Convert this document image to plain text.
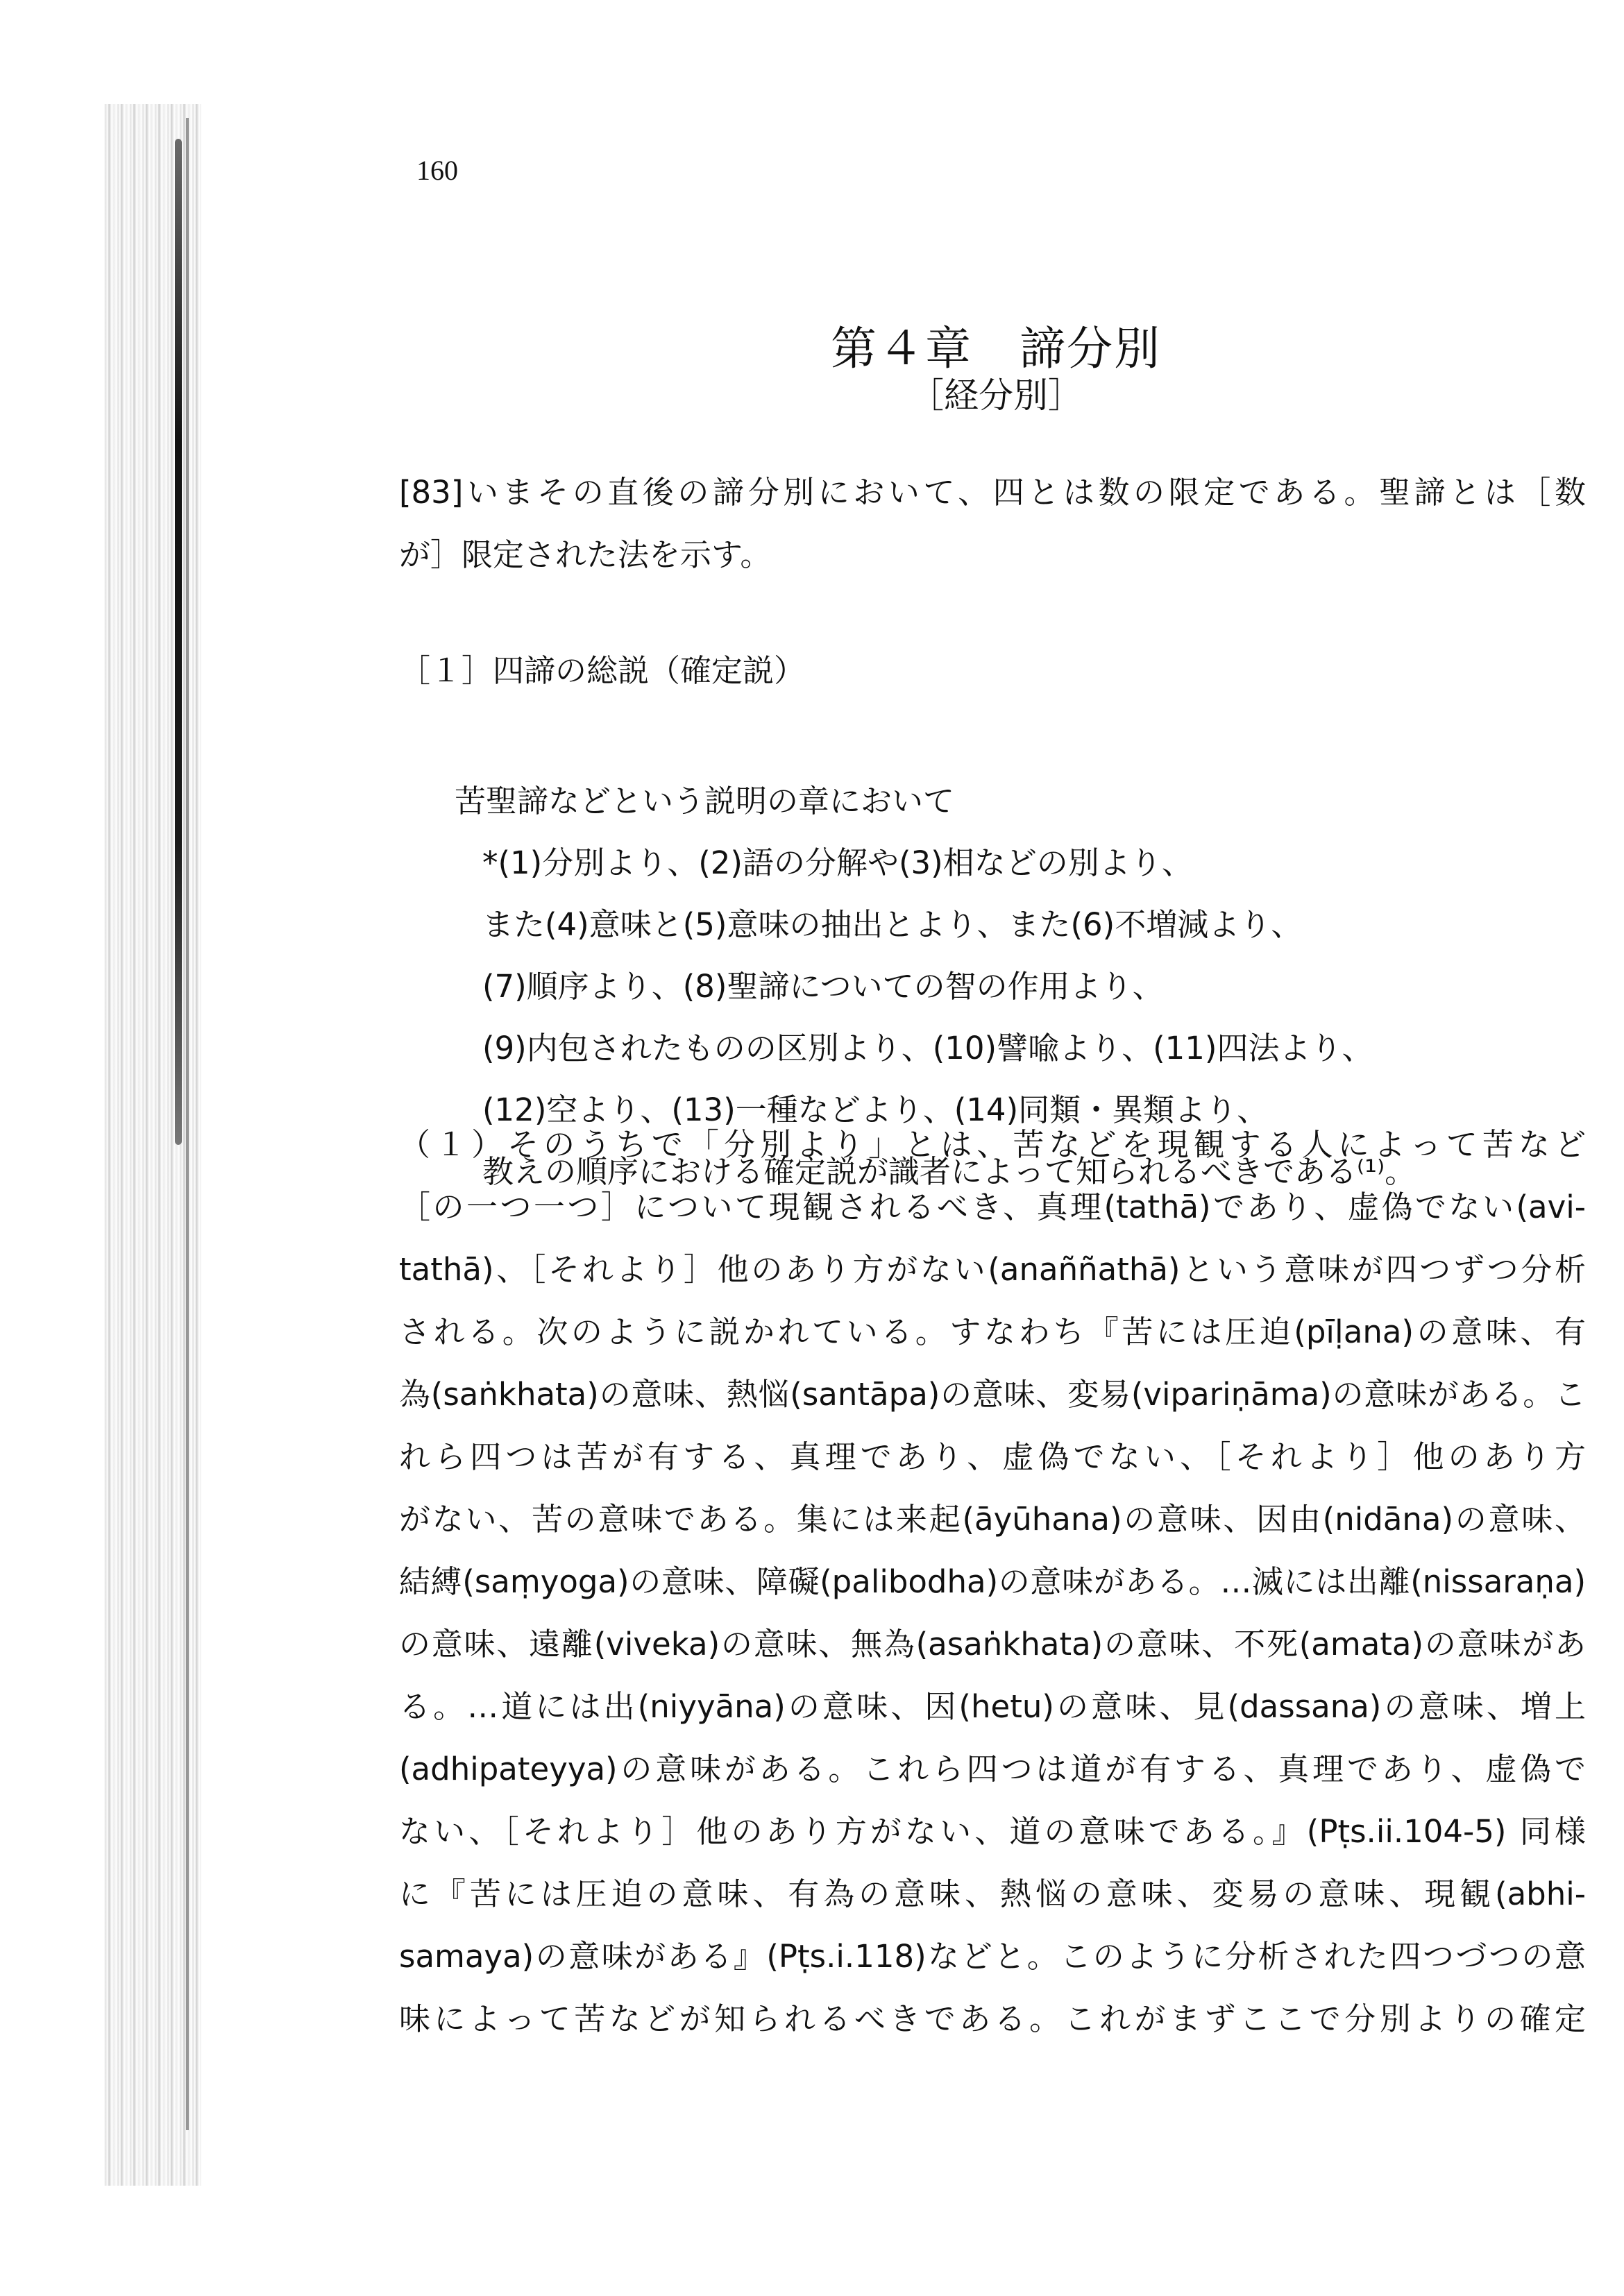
160
第４章　諦分別
［経分別］
[83]いまその直後の諦分別において、四とは数の限定である。聖諦とは［数
が］限定された法を示す。
［１］四諦の総説（確定説）
苦聖諦などという説明の章において
*(1)分別より、(2)語の分解や(3)相などの別より、
また(4)意味と(5)意味の抽出とより、また(6)不増減より、
(7)順序より、(8)聖諦についての智の作用より、
(9)内包されたものの区別より、(10)譬喩より、(11)四法より、
(12)空より、(13)一種などより、(14)同類・異類より、
教えの順序における確定説が識者によって知られるべきである⁽¹⁾。
（１）そのうちで「分別より」とは、苦などを現観する人によって苦など
［の一つ一つ］について現観されるべき、真理(tathā)であり、虚偽でない(avi-
tathā)、［それより］他のあり方がない(anaññathā)という意味が四つずつ分析
される。次のように説かれている。すなわち『苦には圧迫(pīḷana)の意味、有
為(saṅkhata)の意味、熱悩(santāpa)の意味、変易(vipariṇāma)の意味がある。こ
れら四つは苦が有する、真理であり、虚偽でない、［それより］他のあり方
がない、苦の意味である。集には来起(āyūhana)の意味、因由(nidāna)の意味、
結縛(saṃyoga)の意味、障礙(palibodha)の意味がある。…滅には出離(nissaraṇa)
の意味、遠離(viveka)の意味、無為(asaṅkhata)の意味、不死(amata)の意味があ
る。…道には出(niyyāna)の意味、因(hetu)の意味、見(dassana)の意味、増上
(adhipateyya)の意味がある。これら四つは道が有する、真理であり、虚偽で
ない、［それより］他のあり方がない、道の意味である。』(Pṭs.ii.104-5) 同様
に『苦には圧迫の意味、有為の意味、熱悩の意味、変易の意味、現観(abhi-
samaya)の意味がある』(Pṭs.i.118)などと。このように分析された四つづつの意
味によって苦などが知られるべきである。これがまずここで分別よりの確定
